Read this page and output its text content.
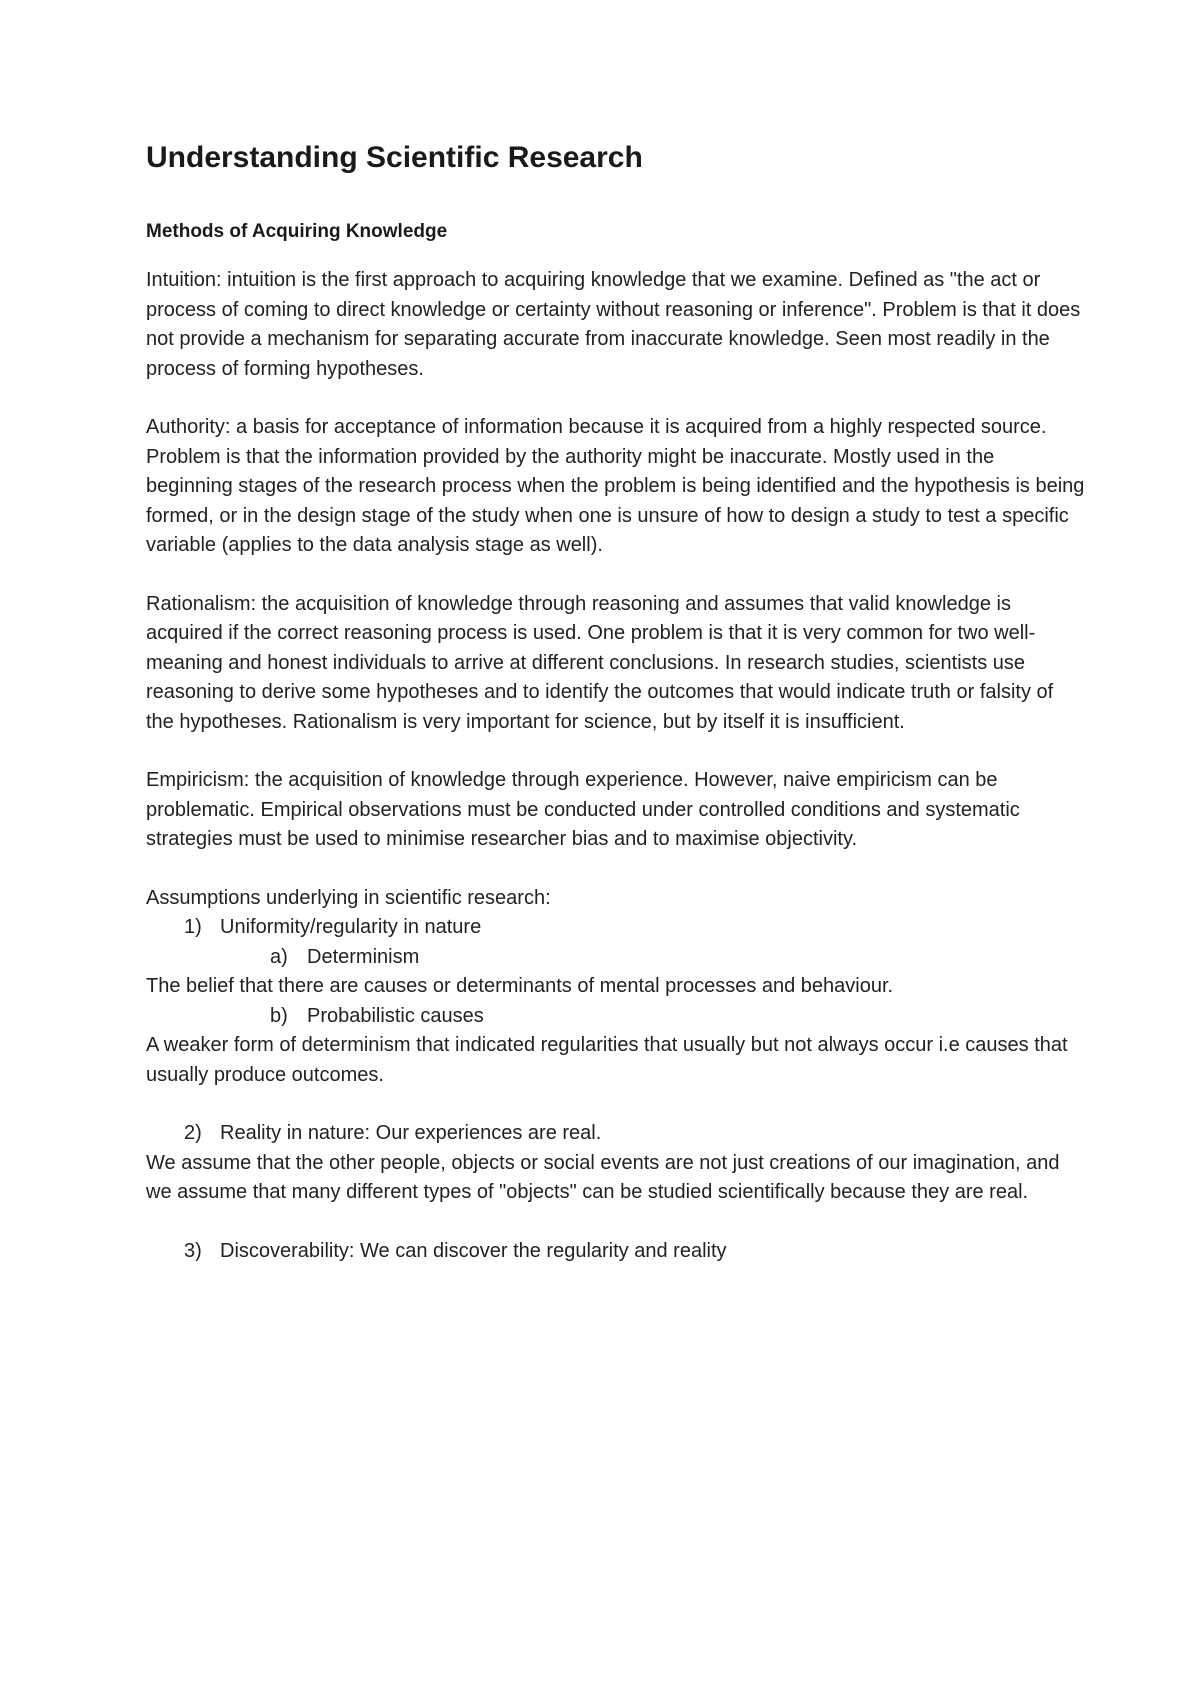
Understanding Scientific Research
Methods of Acquiring Knowledge

Intuition: intuition is the first approach to acquiring knowledge that we examine. Defined as "the act or process of coming to direct knowledge or certainty without reasoning or inference". Problem is that it does not provide a mechanism for separating accurate from inaccurate knowledge. Seen most readily in the process of forming hypotheses.

Authority: a basis for acceptance of information because it is acquired from a highly respected source. Problem is that the information provided by the authority might be inaccurate. Mostly used in the beginning stages of the research process when the problem is being identified and the hypothesis is being formed, or in the design stage of the study when one is unsure of how to design a study to test a specific variable (applies to the data analysis stage as well).

Rationalism: the acquisition of knowledge through reasoning and assumes that valid knowledge is acquired if the correct reasoning process is used. One problem is that it is very common for two well-meaning and honest individuals to arrive at different conclusions. In research studies, scientists use reasoning to derive some hypotheses and to identify the outcomes that would indicate truth or falsity of the hypotheses. Rationalism is very important for science, but by itself it is insufficient.

Empiricism: the acquisition of knowledge through experience. However, naive empiricism can be problematic. Empirical observations must be conducted under controlled conditions and systematic strategies must be used to minimise researcher bias and to maximise objectivity.

Assumptions underlying in scientific research:
1) Uniformity/regularity in nature
a) Determinism
The belief that there are causes or determinants of mental processes and behaviour.
b) Probabilistic causes
A weaker form of determinism that indicated regularities that usually but not always occur i.e causes that usually produce outcomes.
2) Reality in nature: Our experiences are real.
We assume that the other people, objects or social events are not just creations of our imagination, and we assume that many different types of "objects" can be studied scientifically because they are real.
3) Discoverability: We can discover the regularity and reality
